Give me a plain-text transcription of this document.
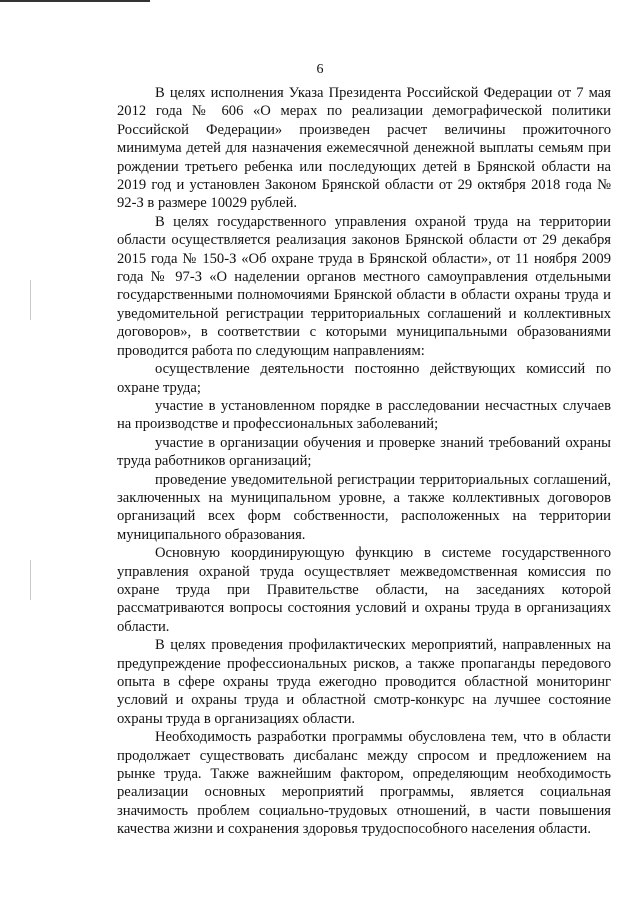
6

В целях исполнения Указа Президента Российской Федерации от 7 мая 2012 года № 606 «О мерах по реализации демографической политики Российской Федерации» произведен расчет величины прожиточного минимума детей для назначения ежемесячной денежной выплаты семьям при рождении третьего ребенка или последующих детей в Брянской области на 2019 год и установлен Законом Брянской области от 29 октября 2018 года № 92-З в размере 10029 рублей.

В целях государственного управления охраной труда на территории области осуществляется реализация законов Брянской области от 29 декабря 2015 года № 150-З «Об охране труда в Брянской области», от 11 ноября 2009 года № 97-З «О наделении органов местного самоуправления отдельными государственными полномочиями Брянской области в области охраны труда и уведомительной регистрации территориальных соглашений и коллективных договоров», в соответствии с которыми муниципальными образованиями проводится работа по следующим направлениям:

осуществление деятельности постоянно действующих комиссий по охране труда;

участие в установленном порядке в расследовании несчастных случаев на производстве и профессиональных заболеваний;

участие в организации обучения и проверке знаний требований охраны труда работников организаций;

проведение уведомительной регистрации территориальных соглашений, заключенных на муниципальном уровне, а также коллективных договоров организаций всех форм собственности, расположенных на территории муниципального образования.

Основную координирующую функцию в системе государственного управления охраной труда осуществляет межведомственная комиссия по охране труда при Правительстве области, на заседаниях которой рассматриваются вопросы состояния условий и охраны труда в организациях области.

В целях проведения профилактических мероприятий, направленных на предупреждение профессиональных рисков, а также пропаганды передового опыта в сфере охраны труда ежегодно проводится областной мониторинг условий и охраны труда и областной смотр-конкурс на лучшее состояние охраны труда в организациях области.

Необходимость разработки программы обусловлена тем, что в области продолжает существовать дисбаланс между спросом и предложением на рынке труда. Также важнейшим фактором, определяющим необходимость реализации основных мероприятий программы, является социальная значимость проблем социально-трудовых отношений, в части повышения качества жизни и сохранения здоровья трудоспособного населения области.
